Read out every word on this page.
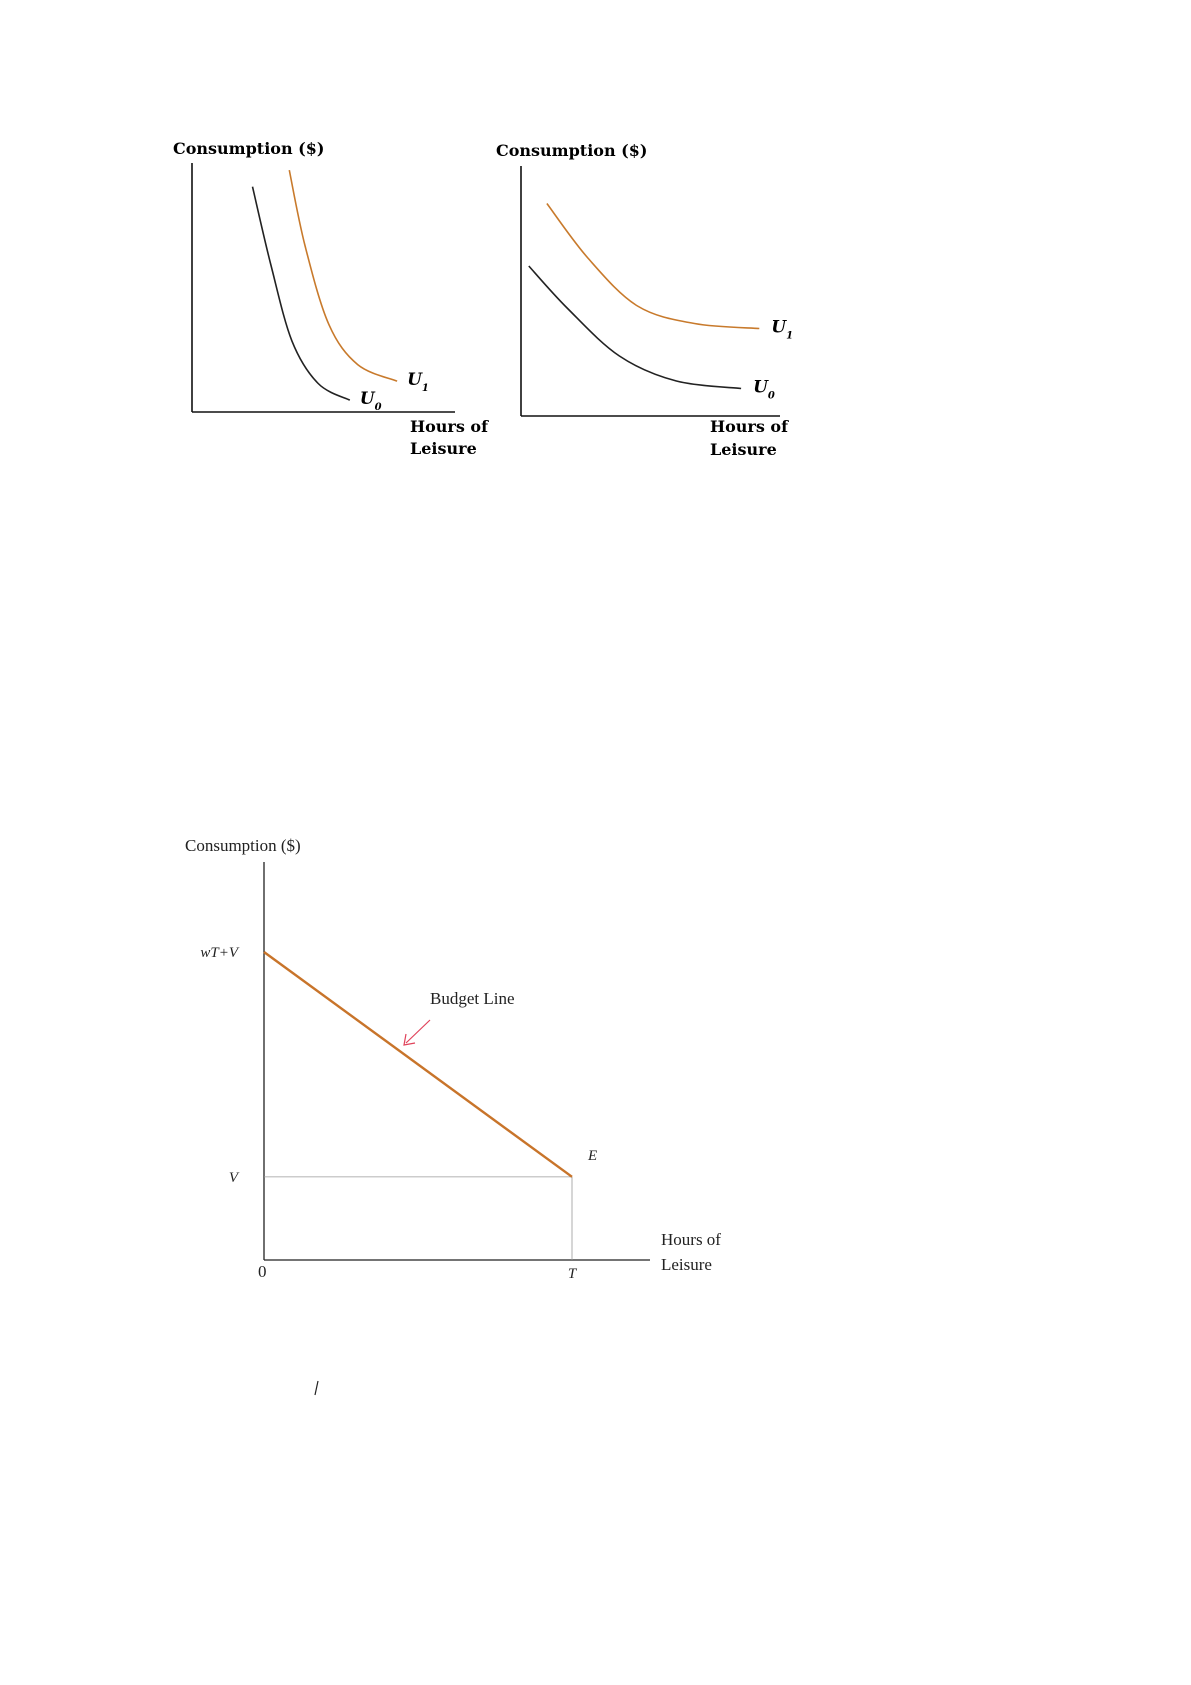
Consumption ($)
$U_0$
$U_1$
Hours of
Leisure
Consumption ($)
$U_0$
$U_1$
Hours of
Leisure
Consumption ($)
wT+V
V
T
Hours of
Leisure
0
E
Budget Line
